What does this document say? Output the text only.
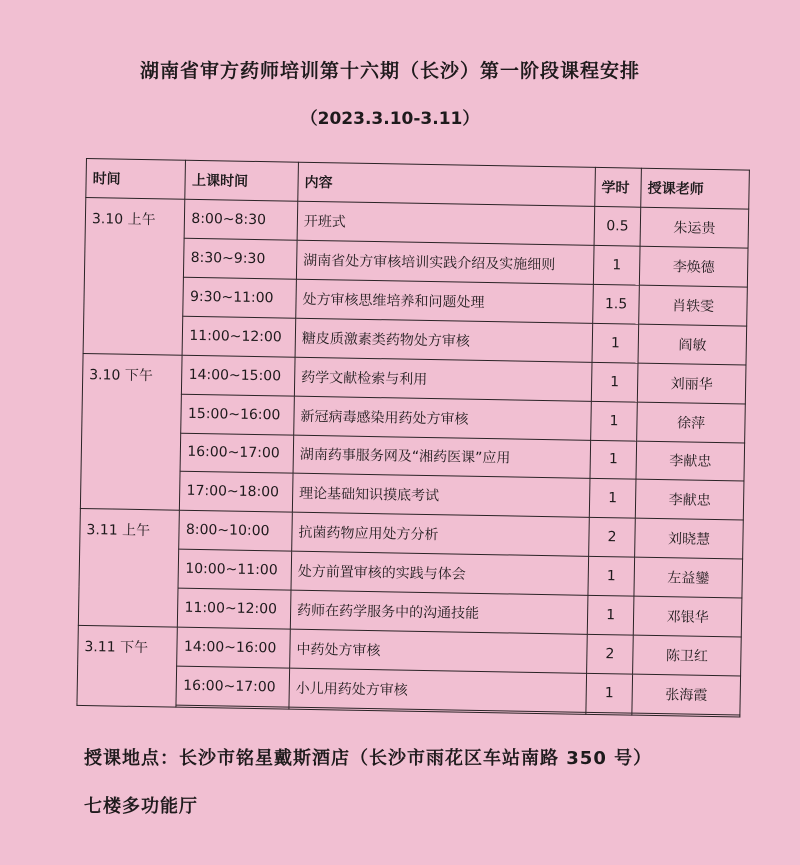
湖南省审方药师培训第十六期（长沙）第一阶段课程安排
（2023.3.10-3.11）
时间	上课时间	内容	学时	授课老师
3.10 上午	8:00~8:30	开班式	0.5	朱运贵
	8:30~9:30	湖南省处方审核培训实践介绍及实施细则	1	李焕德
	9:30~11:00	处方审核思维培养和问题处理	1.5	肖轶雯
	11:00~12:00	糖皮质激素类药物处方审核	1	阎敏
3.10 下午	14:00~15:00	药学文献检索与利用	1	刘丽华
	15:00~16:00	新冠病毒感染用药处方审核	1	徐萍
	16:00~17:00	湖南药事服务网及“湘药医课”应用	1	李献忠
	17:00~18:00	理论基础知识摸底考试	1	李献忠
3.11 上午	8:00~10:00	抗菌药物应用处方分析	2	刘晓慧
	10:00~11:00	处方前置审核的实践与体会	1	左益鑾
	11:00~12:00	药师在药学服务中的沟通技能	1	邓银华
3.11 下午	14:00~16:00	中药处方审核	2	陈卫红
	16:00~17:00	小儿用药处方审核	1	张海霞

授课地点：长沙市铭星戴斯酒店（长沙市雨花区车站南路 350 号）
七楼多功能厅
